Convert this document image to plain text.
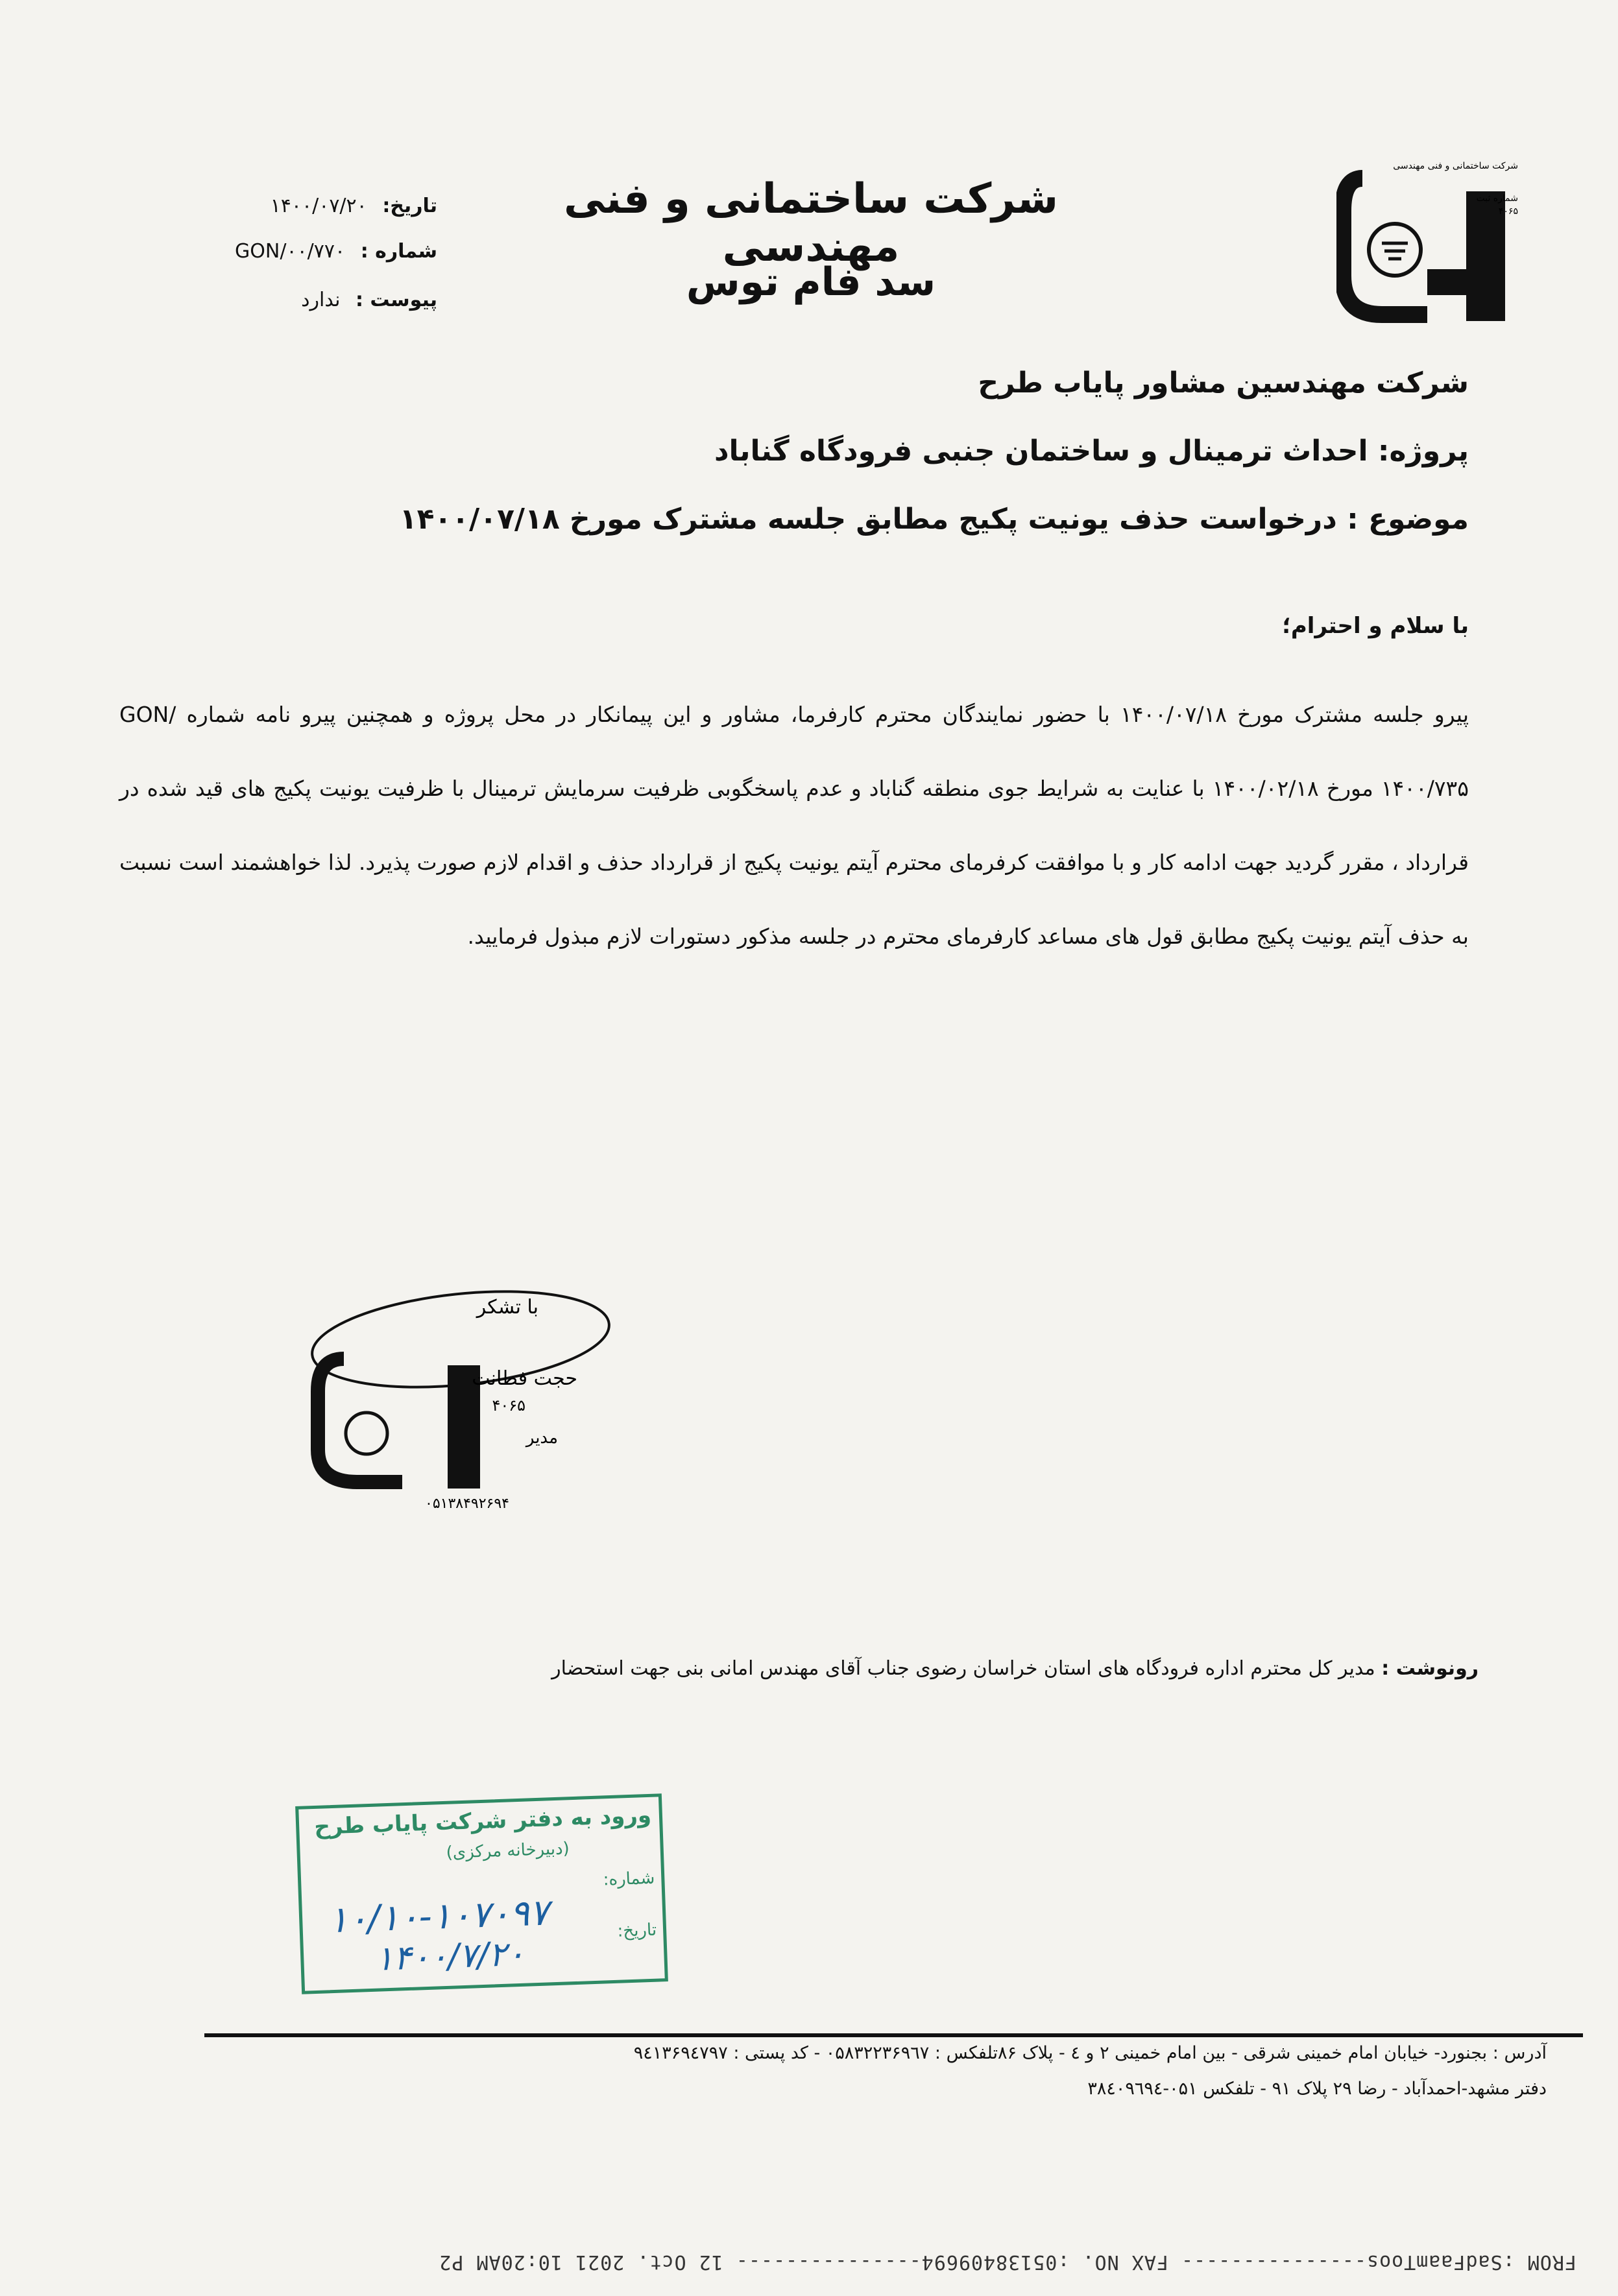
شرکت ساختمانی و فنی مهندسی
شماره ثبت
۴۰۶۵
شرکت ساختمانی و فنی مهندسی
سد فام توس
تاریخ: ۱۴۰۰/۰۷/۲۰
شماره : GON/۰۰/۷۷۰
پیوست : ندارد
شرکت مهندسین مشاور پایاب طرح
پروژه: احداث ترمینال و ساختمان جنبی فرودگاه گناباد
موضوع : درخواست حذف یونیت پکیج مطابق جلسه مشترک مورخ ۱۴۰۰/۰۷/۱۸
با سلام و احترام؛
پیرو جلسه مشترک مورخ ۱۴۰۰/۰۷/۱۸ با حضور نمایندگان محترم کارفرما، مشاور و این پیمانکار در محل پروژه و همچنین پیرو نامه شماره GON/۱۴۰۰/۷۳۵ مورخ ۱۴۰۰/۰۲/۱۸ با عنایت به شرایط جوی منطقه گناباد و عدم پاسخگوبی ظرفیت سرمایش ترمینال با ظرفیت یونیت پکیج های قید شده در قرارداد ، مقرر گردید جهت ادامه کار و با موافقت کرفرمای محترم آیتم یونیت پکیج از قرارداد حذف و اقدام لازم صورت پذیرد. لذا خواهشمند است نسبت به حذف آیتم یونیت پکیج مطابق قول های مساعد کارفرمای محترم در جلسه مذکور دستورات لازم مبذول فرمایید.
با تشکر
حجت فطانت
۴۰۶۵
مدیر
۰۵۱۳۸۴۹۲۶۹۴
رونوشت : مدیر کل محترم اداره فرودگاه های استان خراسان رضوی جناب آقای مهندس امانی بنی جهت استحضار
ورود به دفتر شرکت پایاب طرح
(دبیرخانه مرکزی)
شماره:
تاریخ:
۱۰/۱۰-۱۰۷۰۹۷
۱۴۰۰/۷/۲۰
آدرس : بجنورد- خیابان امام خمینی شرقی - بین امام خمینی ۲ و ٤ - پلاک ۸۶تلفکس : ۰۵۸۳۲۲۳۶۹٦۷ - کد پستی : ۹٤۱۳۶۹٤۷۹۷
دفتر مشهد-احمدآباد - رضا ۲۹ پلاک ۹۱ - تلفکس ۰۵۱-۳۸٤۰۹٦۹٤
FROM :SadFaamToos--------------- FAX NO. :05138409694--------------- 12 Oct. 2021 10:20AM P2
